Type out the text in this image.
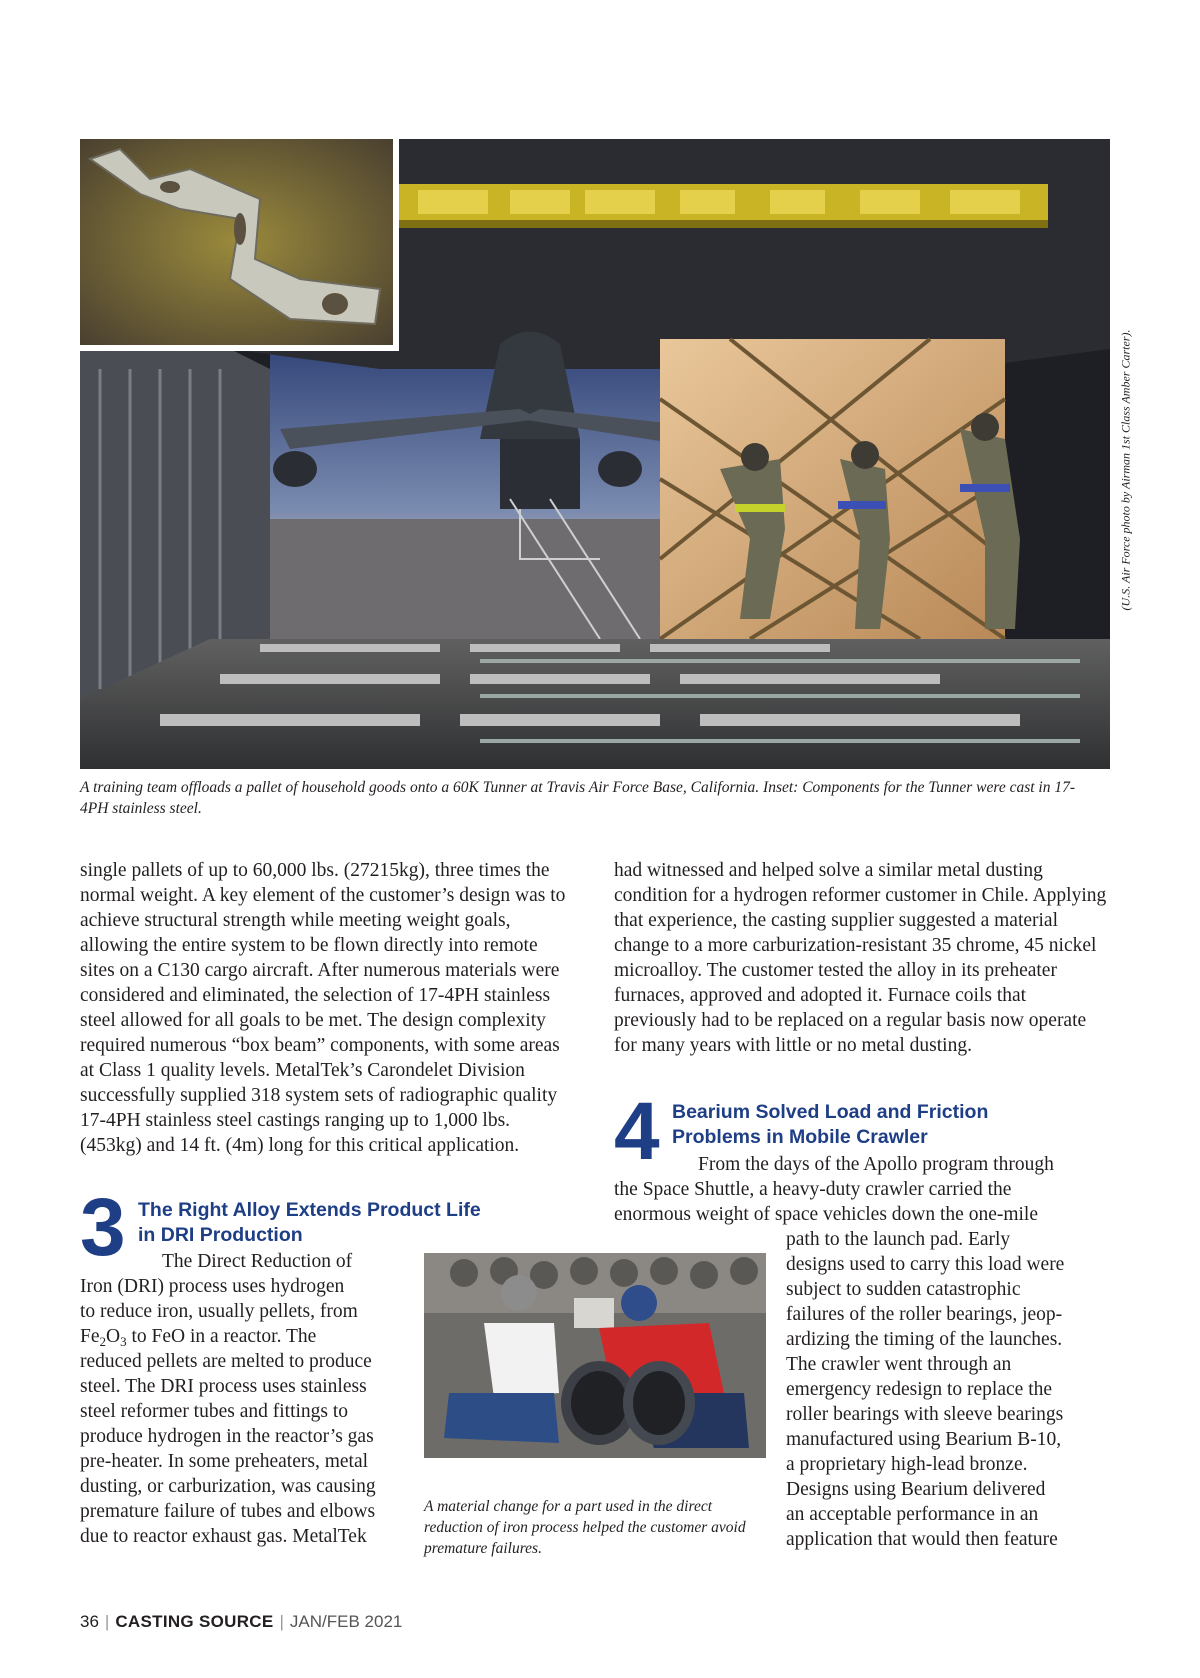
(U.S. Air Force photo by Airman 1st Class Amber Carter).
A training team offloads a pallet of household goods onto a 60K Tunner at Travis Air Force Base, California. Inset: Components for the Tunner were cast in 17-4PH stainless steel.

single pallets of up to 60,000 lbs. (27215kg), three times the normal weight. A key element of the customer’s design was to achieve structural strength while meeting weight goals, allowing the entire system to be flown directly into remote sites on a C130 cargo aircraft. After numerous materials were considered and eliminated, the selection of 17-4PH stainless steel allowed for all goals to be met. The design complexity required numerous “box beam” components, with some areas at Class 1 quality levels. MetalTek’s Carondelet Division successfully supplied 318 system sets of radiographic quality 17-4PH stainless steel castings ranging up to 1,000 lbs. (453kg) and 14 ft. (4m) long for this critical application.

3 The Right Alloy Extends Product Life
in DRI Production

The Direct Reduction of

Iron (DRI) process uses hydrogen

to reduce iron, usually pellets, from

$Fe_2O_3$ to FeO in a reactor. The

reduced pellets are melted to produce

steel. The DRI process uses stainless

steel reformer tubes and fittings to

produce hydrogen in the reactor’s gas

pre-heater. In some preheaters, metal

dusting, or carburization, was causing

premature failure of tubes and elbows

due to reactor exhaust gas. MetalTek

A material change for a part used in the direct reduction of iron process helped the customer avoid premature failures.

had witnessed and helped solve a similar metal dusting condition for a hydrogen reformer customer in Chile. Applying that experience, the casting supplier suggested a material change to a more carburization-resistant 35 chrome, 45 nickel microalloy. The customer tested the alloy in its preheater furnaces, approved and adopted it. Furnace coils that previously had to be replaced on a regular basis now operate for many years with little or no metal dusting.

4 Bearium Solved Load and Friction
Problems in Mobile Crawler

From the days of the Apollo program through

the Space Shuttle, a heavy-duty crawler carried the

enormous weight of space vehicles down the one-mile

path to the launch pad. Early

designs used to carry this load were

subject to sudden catastrophic

failures of the roller bearings, jeop-

ardizing the timing of the launches.

The crawler went through an

emergency redesign to replace the

roller bearings with sleeve bearings

manufactured using Bearium B-10,

a proprietary high-lead bronze.

Designs using Bearium delivered

an acceptable performance in an

application that would then feature

36 | CASTING SOURCE | JAN/FEB 2021
